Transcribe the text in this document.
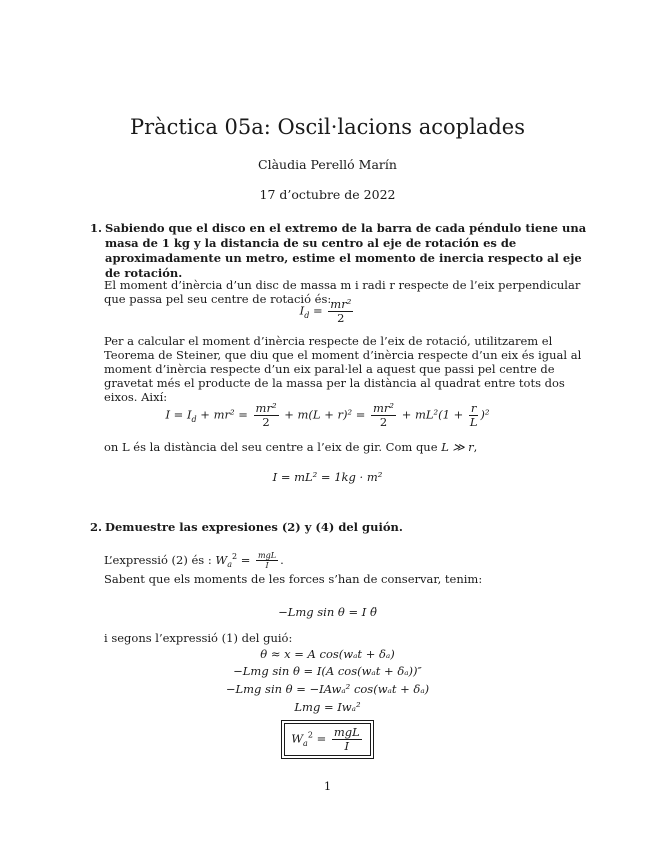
Pràctica 05a: Oscil·lacions acoplades
Clàudia Perelló Marín
17 d’octubre de 2022
1. Sabiendo que el disco en el extremo de la barra de cada péndulo tiene una masa de 1 kg y la distancia de su centro al eje de rotación es de aproximadamente un metro, estime el momento de inercia respecto al eje de rotación.
El moment d’inèrcia d’un disc de massa m i radi r respecte de l’eix perpendicular que passa pel seu centre de rotació és:
$I_d = \frac{\text{mr²}}{2}$
Per a calcular el moment d’inèrcia respecte de l’eix de rotació, utilitzarem el Teorema de Steiner, que diu que el moment d’inèrcia respecte d’un eix és igual al moment d’inèrcia respecte d’un eix paral·lel a aquest que passi pel centre de gravetat més el producte de la massa per la distància al quadrat entre tots dos eixos. Així:
$I = I_d + mr^2 = \frac{\text{mr²}}{2} + m(L + r)^2 = \frac{\text{mr²}}{2} + mL^2(1 + \frac{r}{L} )^2$
on L és la distància del seu centre a l’eix de gir. Com que L ≫ r,
I = mL² = 1kg · m²
2. Demuestre las expresiones (2) y (4) del guión.
L’expressió (2) és : $W_a^2 = \frac{\text{mgL}}{I}$ .
Sabent que els moments de les forces s’han de conservar, tenim:
−Lmg sin θ = I θ̈
i segons l’expressió (1) del guió:
θ ≈ x = A cos(wₐt + δₐ)
−Lmg sin θ = I(A cos(wₐt + δₐ))″
−Lmg sin θ = −IAwₐ² cos(wₐt + δₐ)
Lmg = Iwₐ²
$W_a^2 = \frac{\text{mgL}}{I}$
1
